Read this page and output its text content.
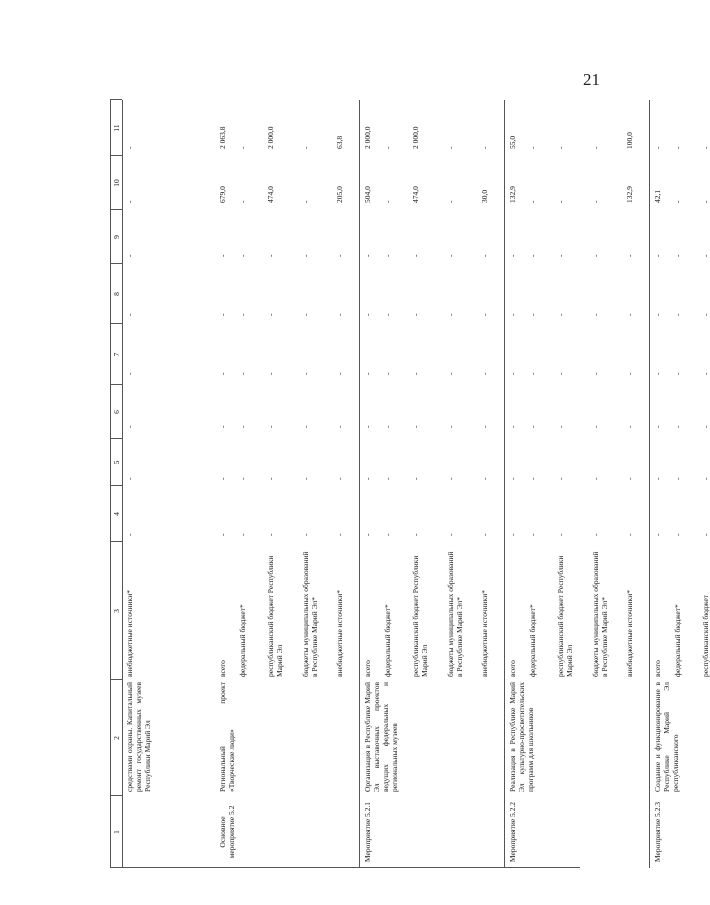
21
1
2
3
4
5
6
7
8
9
10
11
средствами охраны. Капитальный ремонт государственных музеев Республики Марий Эл
внебюджетные источники*
-
-
-
-
-
-
-
-
Основное мероприятие 5.2
Региональный проект «Творческие люди»
всего
-
-
-
-
-
-
679,0
2 063,8
федеральный бюджет*
-
-
-
-
-
-
-
-
республиканский бюджет Республики Марий Эл
-
-
-
-
-
-
474,0
2 000,0
бюджеты муниципальных образований в Республике Марий Эл*
-
-
-
-
-
-
-
-
внебюджетные источники*
-
-
-
-
-
-
205,0
63,8
Мероприятие 5.2.1
Организация в Республике Марий Эл выставочных проектов ведущих федеральных и региональных музеев
всего
-
-
-
-
-
-
504,0
2 000,0
федеральный бюджет*
-
-
-
-
-
-
-
-
республиканский бюджет Республики Марий Эл
-
-
-
-
-
-
474,0
2 000,0
бюджеты муниципальных образований в Республике Марий Эл*
-
-
-
-
-
-
-
-
внебюджетные источники*
-
-
-
-
-
-
30,0
-
Мероприятие 5.2.2
Реализация в Республике Марий Эл культурно-просветительских программ для школьников
всего
-
-
-
-
-
-
132,9
55,0
федеральный бюджет*
-
-
-
-
-
-
-
-
республиканский бюджет Республики Марий Эл
-
-
-
-
-
-
-
-
бюджеты муниципальных образований в Республике Марий Эл*
-
-
-
-
-
-
-
-
внебюджетные источники*
-
-
-
-
-
-
132,9
100,0
Мероприятие 5.2.3
Создание и функционирование в Республике Марий Эл республиканского
всего
-
-
-
-
-
-
42,1
-
федеральный бюджет*
-
-
-
-
-
-
-
-
республиканский бюджет
-
-
-
-
-
-
-
-
